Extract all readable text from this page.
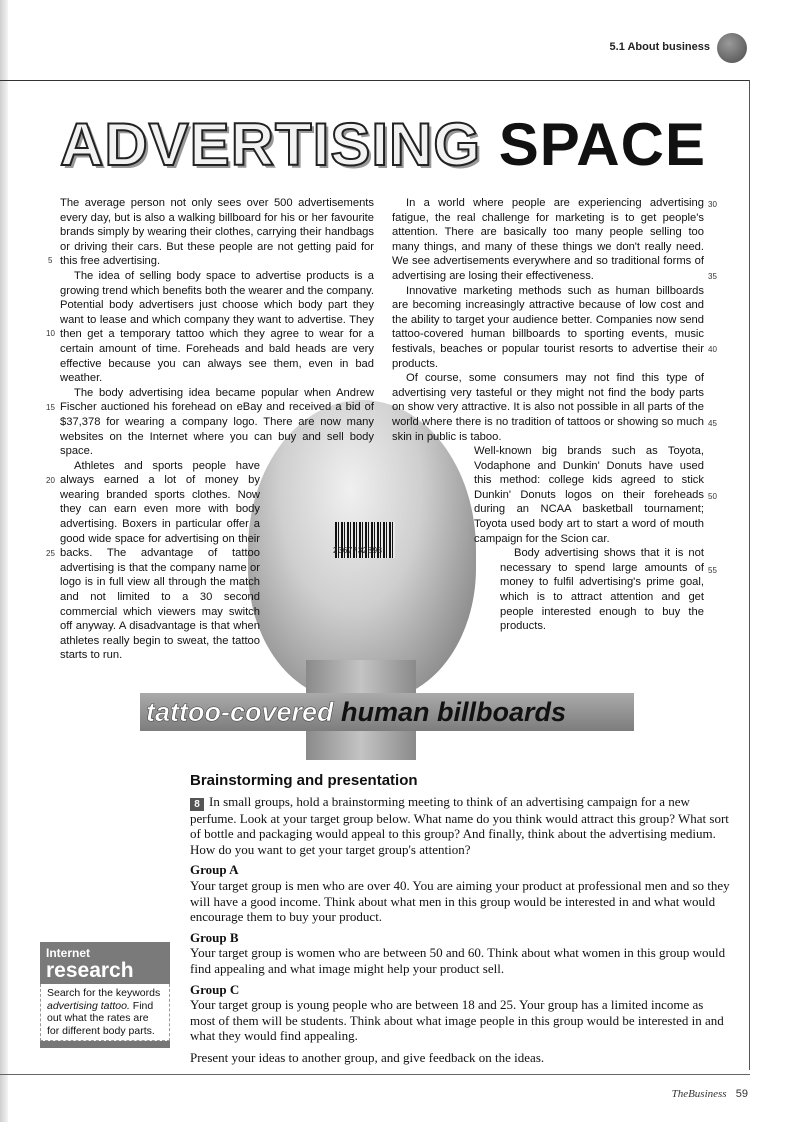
5.1 About business
ADVERTISING SPACE
2367732898

The average person not only sees over 500 advertisements every day, but is also a walking billboard for his or her favourite brands simply by wearing their clothes, carrying their handbags or driving their cars. But these people are not getting paid for this free advertising.

The idea of selling body space to advertise products is a growing trend which benefits both the wearer and the company. Potential body advertisers just choose which body part they want to lease and which company they want to advertise. They then get a temporary tattoo which they agree to wear for a certain amount of time. Foreheads and bald heads are very effective because you can always see them, even in bad weather.

The body advertising idea became popular when Andrew Fischer auctioned his forehead on eBay and received a bid of $37,378 for wearing a company logo. There are now many websites on the Internet where you can buy and sell body space.

Athletes and sports people have always earned a lot of money by wearing branded sports clothes. Now they can earn even more with body advertising. Boxers in particular offer a good wide space for advertising on their backs. The advantage of tattoo advertising is that the company name or logo is in full view all through the match and not limited to a 30 second commercial which viewers may switch off anyway. A disadvantage is that when athletes really begin to sweat, the tattoo starts to run.

In a world where people are experiencing advertising fatigue, the real challenge for marketing is to get people's attention. There are basically too many people selling too many things, and many of these things we don't really need. We see advertisements everywhere and so traditional forms of advertising are losing their effectiveness.

Innovative marketing methods such as human billboards are becoming increasingly attractive because of low cost and the ability to target your audience better. Companies now send tattoo-covered human billboards to sporting events, music festivals, beaches or popular tourist resorts to advertise their products.

Of course, some consumers may not find this type of advertising very tasteful or they might not find the body parts on show very attractive. It is also not possible in all parts of the world where there is no tradition of tattoos or showing so much skin in public is taboo.

Well-known big brands such as Toyota, Vodaphone and Dunkin' Donuts have used this method: college kids agreed to stick Dunkin' Donuts logos on their foreheads during an NCAA basketball tournament; Toyota used body art to start a word of mouth campaign for the Scion car.

Body advertising shows that it is not necessary to spend large amounts of money to fulfil advertising's prime goal, which is to attract attention and get people interested enough to buy the products.

5
10
15
20
25
30
35
40
45
50
55
tattoo-covered human billboards
Brainstorming and presentation

8 In small groups, hold a brainstorming meeting to think of an advertising campaign for a new perfume. Look at your target group below. What name do you think would attract this group? What sort of bottle and packaging would appeal to this group? And finally, think about the advertising medium. How do you want to get your target group's attention?

Group A

Your target group is men who are over 40. You are aiming your product at professional men and so they will have a good income. Think about what men in this group would be interested in and what would encourage them to buy your product.

Group B

Your target group is women who are between 50 and 60. Think about what women in this group would find appealing and what image might help your product sell.

Group C

Your target group is young people who are between 18 and 25. Your group has a limited income as most of them will be students. Think about what image people in this group would be interested in and what they would find appealing.

Present your ideas to another group, and give feedback on the ideas.

Internet
research
Search for the keywords advertising tattoo. Find out what the rates are for different body parts.
TheBusiness 59
